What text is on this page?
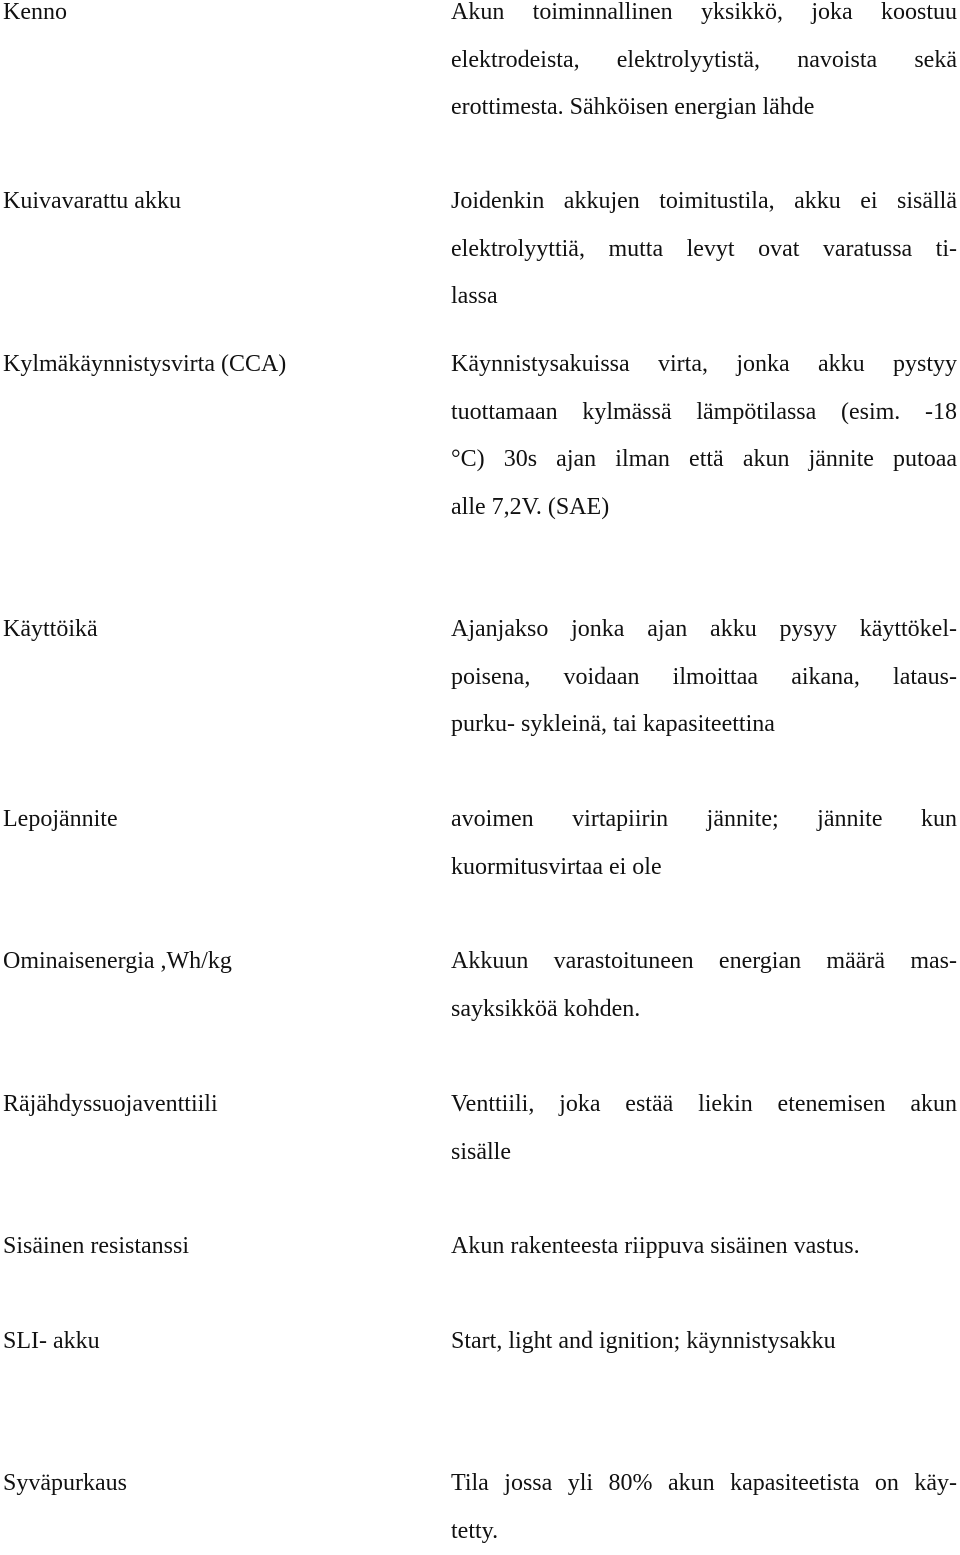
Kenno	Akun toiminnallinen yksikkö, joka koostuu
elektrodeista, elektrolyytistä, navoista sekä
erottimesta. Sähköisen energian lähde
Kuivavarattu akku	Joidenkin akkujen toimitustila, akku ei sisällä
elektrolyyttiä, mutta levyt ovat varatussa ti-
lassa
Kylmäkäynnistysvirta (CCA)	Käynnistysakuissa virta, jonka akku pystyy
tuottamaan kylmässä lämpötilassa (esim. -18
°C) 30s ajan ilman että akun jännite putoaa
alle 7,2V. (SAE)
Käyttöikä	Ajanjakso jonka ajan akku pysyy käyttökel-
poisena, voidaan ilmoittaa aikana, lataus-
purku- sykleinä, tai kapasiteettina
Lepojännite	avoimen virtapiirin jännite; jännite kun
kuormitusvirtaa ei ole
Ominaisenergia ,Wh/kg	Akkuun varastoituneen energian määrä mas-
sayksikköä kohden.
Räjähdyssuojaventtiili	Venttiili, joka estää liekin etenemisen akun
sisälle
Sisäinen resistanssi	Akun rakenteesta riippuva sisäinen vastus.
SLI- akku	Start, light and ignition; käynnistysakku
Syväpurkaus	Tila jossa yli 80% akun kapasiteetista on käy-
tetty.
